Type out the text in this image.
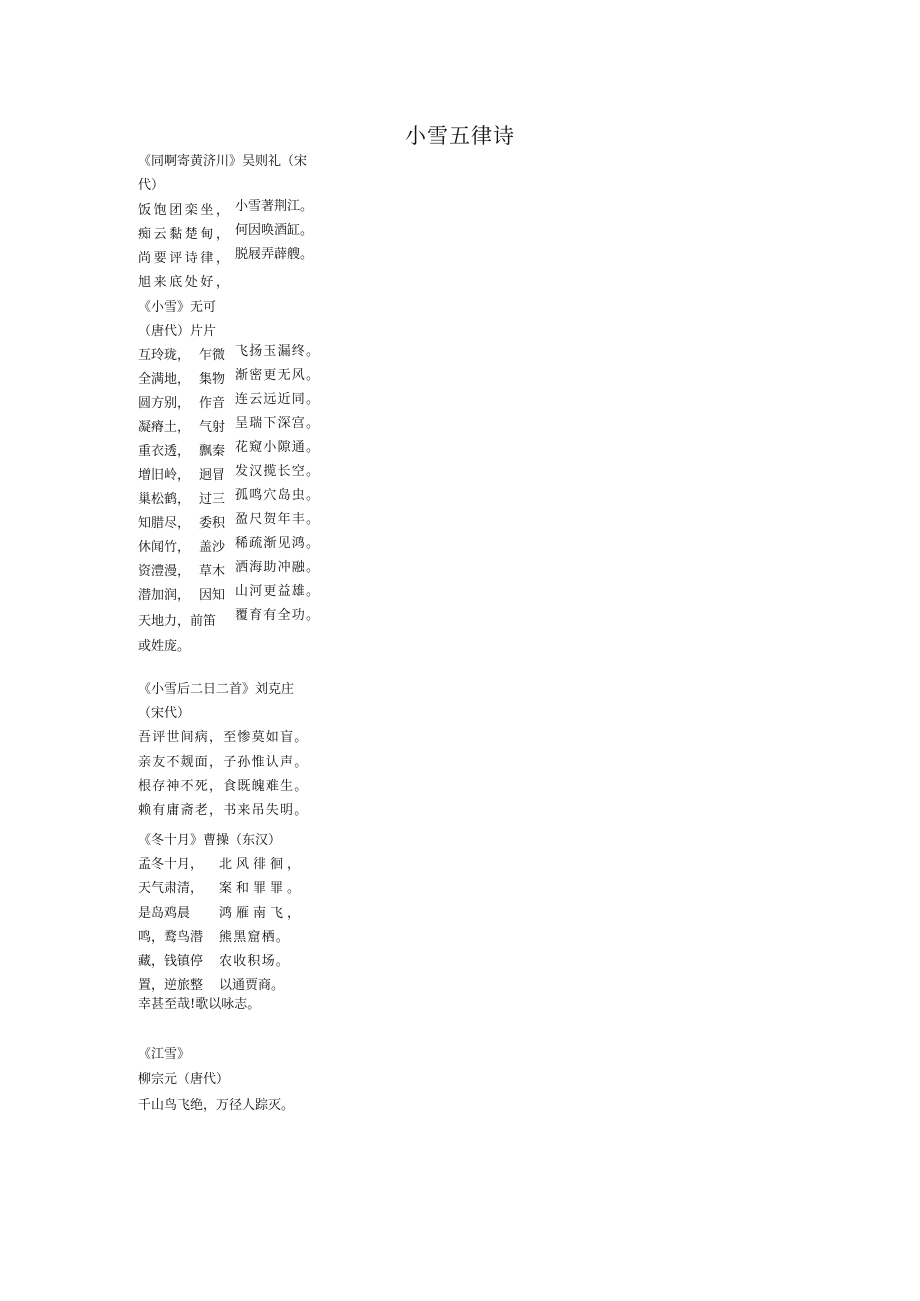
小雪五律诗
《同啊寄黄济川》吴则礼（宋
代）
饭饱团栾坐，
痴云黏楚甸，
尚要评诗律，
旭来底处好，
小雪著荆江。
何因唤酒缸。
脱屐弄薜艘。
《小雪》无可
（唐代）片片
互玲珑，
全满地，
圆方别，
凝瘠土，
重衣透，
增旧岭，
巢松鹤，
知腊尽，
休闻竹，
资澧漫，
潜加润，
乍微
集物
作音
气射
飘秦
迥冒
过三
委积
盖沙
草木
因知
天地力，前笛
或姓庞。
飞扬玉漏终。
渐密更无风。
连云远近同。
呈瑞下深宫。
花窥小隙通。
发汉揽长空。
孤鸣穴岛虫。
盈尺贺年丰。
稀疏渐见鸿。
洒海助冲融。
山河更益雄。
覆育有全功。
《小雪后二日二首》刘克庄
（宋代）
吾评世间病，至惨莫如盲。
亲友不觌面，子孙惟认声。
根存神不死，食既魄难生。
赖有庸斋老，书来吊失明。
《冬十月》曹操（东汉）
孟冬十月，
天气肃清，
是岛鸡晨
鸣，鹜鸟潜
藏，钱镇停
置，逆旅整
北风徘徊，
案和罪罪。
鸿雁南飞，
熊黑窟栖。
农收积场。
以通贾商。
幸甚至哉!歌以咏志。
《江雪》
柳宗元（唐代）
千山鸟飞绝，万径人踪灭。
